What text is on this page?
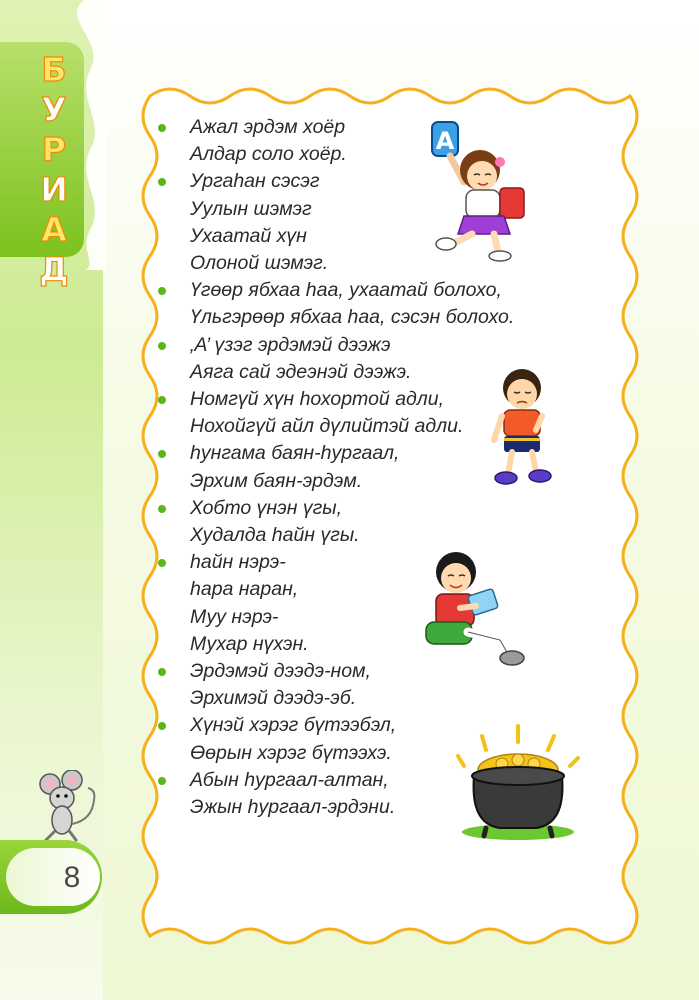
Б
У
Р
И
А
Д
Ажал эрдэм хоёр
Алдар соло хоёр.
Ургаhан сэсэг
Уулын шэмэг
Ухаатай хүн
Олоной шэмэг.
Үгөөр ябхаа hаа, ухаатай болохо,
Үльгэрөөр ябхаа hаа, сэсэн болохо.
‚А’ үзэг эрдэмэй дээжэ
Аяга сай эдеэнэй дээжэ.
Номгүй хүн hохортой адли,
Нохойгүй айл дүлийтэй адли.
hунгама баян-hургаал,
Эрхим баян-эрдэм.
Хобто үнэн үгы,
Худалда hайн үгы.
hайн нэрэ-
hара наран,
Муу нэрэ-
Мухар нүхэн.
Эрдэмэй дээдэ-ном,
Эрхимэй дээдэ-эб.
Хүнэй хэрэг бүтээбэл,
Өөрын хэрэг бүтээхэ.
Абын hургаал-алтан,
Эжын hургаал-эрдэни.
A
8
